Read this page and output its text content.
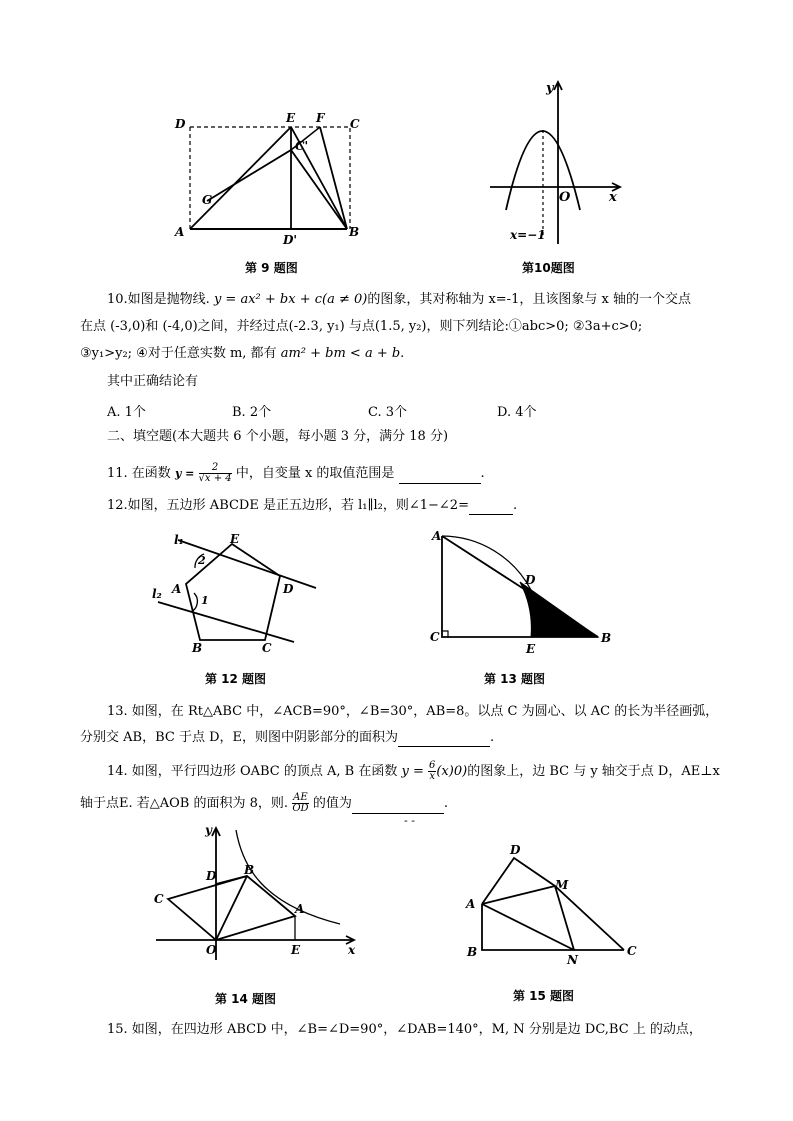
D	E F C
C'
G
A
D'
B
第 9 题图
y
O	x
x=−1
第10题图
10.如图是抛物线. y = ax² + bx + c(a ≠ 0)的图象，其对称轴为 x=-1，且该图象与 x 轴的一个交点
在点 (-3,0)和 (-4,0)之间，并经过点(-2.3, y₁) 与点(1.5, y₂)，则下列结论:①abc>0; ②3a+c>0;
③y₁>y₂; ④对于任意实数 m, 都有 am² + bm < a + b.
其中正确结论有
A. 1个	B. 2个	C. 3个	D. 4个
二、填空题(本大题共 6 个小题，每小题 3 分，满分 18 分)
11. 在函数 $y = \frac{2}{√x + 4}$ 中，自变量 x 的取值范围是	.
12.如图，五边形 ABCDE 是正五边形，若 l₁∥l₂，则∠1−∠2=	.
l₁
l₂
E
D
A
B	C
1
2
第 12 题图
A
D
C
E
B
第 13 题图
13. 如图，在 Rt△ABC 中，∠ACB=90°，∠B=30°，AB=8。以点 C 为圆心、以 AC 的长为半径画弧，
分别交 AB，BC 于点 D，E，则图中阴影部分的面积为	.
14. 如图，平行四边形 OABC 的顶点 A, B 在函数 $y = \frac{6}{x} (x)0$)的图象上，边 BC 与 y 轴交于点 D，AE⊥x
轴于点E. 若△AOB 的面积为 8，则. $\frac{AE}{OD}$ 的值为	.
- -
y
D B
C
A
O	E	x
第 14 题图
D
M
A
B
N
C
第 15 题图
15. 如图，在四边形 ABCD 中，∠B=∠D=90°，∠DAB=140°，M, N 分别是边 DC,BC 上 的动点，
